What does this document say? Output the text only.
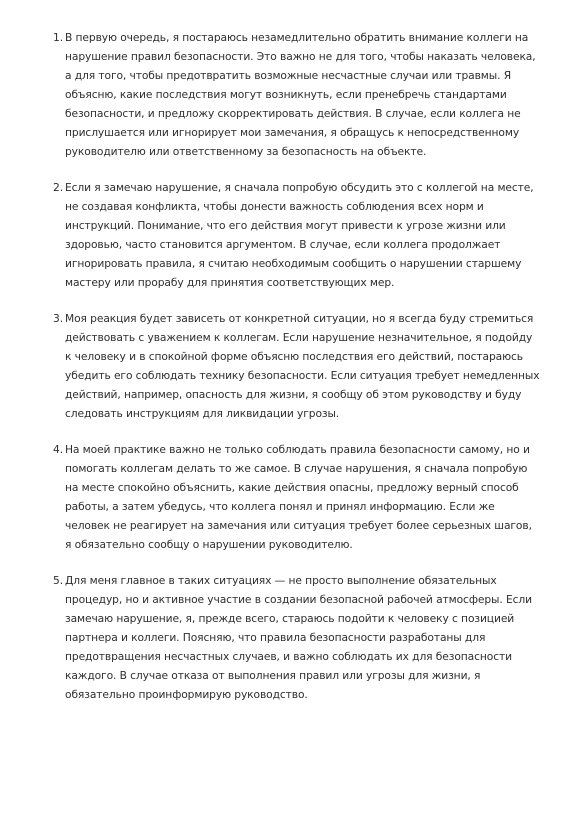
1. В первую очередь, я постараюсь незамедлительно обратить внимание коллеги на нарушение правил безопасности. Это важно не для того, чтобы наказать человека, а для того, чтобы предотвратить возможные несчастные случаи или травмы. Я объясню, какие последствия могут возникнуть, если пренебречь стандартами безопасности, и предложу скорректировать действия. В случае, если коллега не прислушается или игнорирует мои замечания, я обращусь к непосредственному руководителю или ответственному за безопасность на объекте.
2. Если я замечаю нарушение, я сначала попробую обсудить это с коллегой на месте, не создавая конфликта, чтобы донести важность соблюдения всех норм и инструкций. Понимание, что его действия могут привести к угрозе жизни или здоровью, часто становится аргументом. В случае, если коллега продолжает игнорировать правила, я считаю необходимым сообщить о нарушении старшему мастеру или прорабу для принятия соответствующих мер.
3. Моя реакция будет зависеть от конкретной ситуации, но я всегда буду стремиться действовать с уважением к коллегам. Если нарушение незначительное, я подойду к человеку и в спокойной форме объясню последствия его действий, постараюсь убедить его соблюдать технику безопасности. Если ситуация требует немедленных действий, например, опасность для жизни, я сообщу об этом руководству и буду следовать инструкциям для ликвидации угрозы.
4. На моей практике важно не только соблюдать правила безопасности самому, но и помогать коллегам делать то же самое. В случае нарушения, я сначала попробую на месте спокойно объяснить, какие действия опасны, предложу верный способ работы, а затем убедусь, что коллега понял и принял информацию. Если же человек не реагирует на замечания или ситуация требует более серьезных шагов, я обязательно сообщу о нарушении руководителю.
5. Для меня главное в таких ситуациях — не просто выполнение обязательных процедур, но и активное участие в создании безопасной рабочей атмосферы. Если замечаю нарушение, я, прежде всего, стараюсь подойти к человеку с позицией партнера и коллеги. Поясняю, что правила безопасности разработаны для предотвращения несчастных случаев, и важно соблюдать их для безопасности каждого. В случае отказа от выполнения правил или угрозы для жизни, я обязательно проинформирую руководство.
